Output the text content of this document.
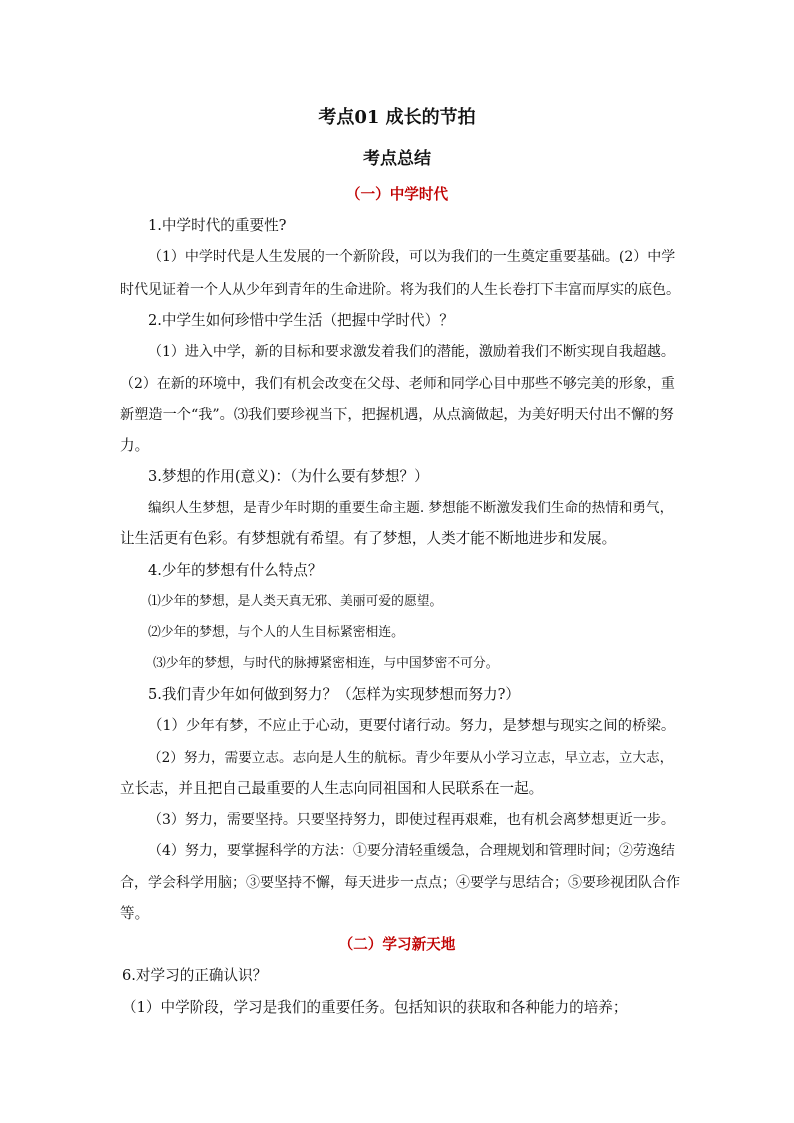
考点01 成长的节拍
考点总结
（一）中学时代
1.中学时代的重要性?
（1）中学时代是人生发展的一个新阶段，可以为我们的一生奠定重要基础。(2）中学
时代见证着一个人从少年到青年的生命进阶。将为我们的人生长卷打下丰富而厚实的底色。
2.中学生如何珍惜中学生活（把握中学时代）？
（1）进入中学，新的目标和要求激发着我们的潜能，激励着我们不断实现自我超越。
（2）在新的环境中，我们有机会改变在父母、老师和同学心目中那些不够完美的形象，重
新塑造一个“我”。⑶我们要珍视当下，把握机遇，从点滴做起，为美好明天付出不懈的努
力。
3.梦想的作用(意义)：（为什么要有梦想？）
编织人生梦想，是青少年时期的重要生命主题. 梦想能不断激发我们生命的热情和勇气，
让生活更有色彩。有梦想就有希望。有了梦想，人类才能不断地进步和发展。
4.少年的梦想有什么特点？
⑴少年的梦想，是人类天真无邪、美丽可爱的愿望。
⑵少年的梦想，与个人的人生目标紧密相连。
⑶少年的梦想，与时代的脉搏紧密相连，与中国梦密不可分。
5.我们青少年如何做到努力？（怎样为实现梦想而努力?）
（1）少年有梦，不应止于心动，更要付诸行动。努力，是梦想与现实之间的桥梁。
（2）努力，需要立志。志向是人生的航标。青少年要从小学习立志，早立志，立大志，
立长志，并且把自己最重要的人生志向同祖国和人民联系在一起。
（3）努力，需要坚持。只要坚持努力，即使过程再艰难，也有机会离梦想更近一步。
（4）努力，要掌握科学的方法：①要分清轻重缓急，合理规划和管理时间；②劳逸结
合，学会科学用脑；③要坚持不懈，每天进步一点点；④要学与思结合；⑤要珍视团队合作
等。
（二）学习新天地
6.对学习的正确认识？
（1）中学阶段，学习是我们的重要任务。包括知识的获取和各种能力的培养；
